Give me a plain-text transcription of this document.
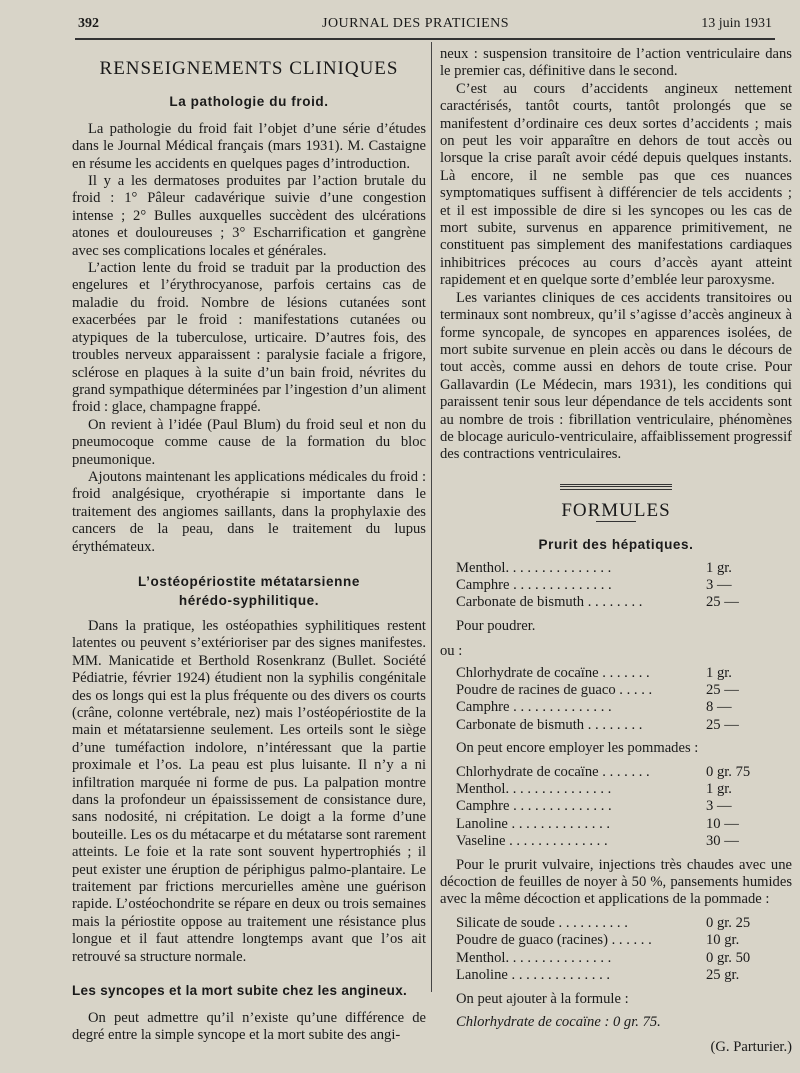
392	JOURNAL DES PRATICIENS	13 juin 1931
RENSEIGNEMENTS CLINIQUES
La pathologie du froid.

La pathologie du froid fait l’objet d’une série d’études dans le Journal Médical français (mars 1931). M. Castaigne en résume les accidents en quelques pages d’introduction.

Il y a les dermatoses produites par l’action brutale du froid : 1° Pâleur cadavérique suivie d’une congestion intense ; 2° Bulles auxquelles succèdent des ulcérations atones et douloureuses ; 3° Escharrification et gangrène avec ses complications locales et générales.

L’action lente du froid se traduit par la production des engelures et l’érythrocyanose, parfois certains cas de maladie du froid. Nombre de lésions cutanées sont exacerbées par le froid : manifestations cutanées ou atypiques de la tuberculose, urticaire. D’autres fois, des troubles nerveux apparaissent : paralysie faciale a frigore, sclérose en plaques à la suite d’un bain froid, névrites du grand sympathique déterminées par l’ingestion d’un aliment froid : glace, champagne frappé.

On revient à l’idée (Paul Blum) du froid seul et non du pneumocoque comme cause de la formation du bloc pneumonique.

Ajoutons maintenant les applications médicales du froid : froid analgésique, cryothérapie si importante dans le traitement des angiomes saillants, dans la prophylaxie des cancers de la peau, dans le traitement du lupus érythémateux.

L’ostéopériostite métatarsienne
hérédo-syphilitique.

Dans la pratique, les ostéopathies syphilitiques restent latentes ou peuvent s’extérioriser par des signes manifestes. MM. Manicatide et Berthold Rosenkranz (Bullet. Société Pédiatrie, février 1924) étudient non la syphilis congénitale des os longs qui est la plus fréquente ou des divers os courts (crâne, colonne vertébrale, nez) mais l’ostéopériostite de la main et métatarsienne seulement. Les orteils sont le siège d’une tuméfaction indolore, n’intéressant que la partie proximale et l’os. La peau est plus luisante. Il n’y a ni infiltration marquée ni forme de pus. La palpation montre dans la profondeur un épaississement de consistance dure, sans nodosité, ni crépitation. Le doigt a la forme d’une bouteille. Les os du métacarpe et du métatarse sont rarement atteints. Le foie et la rate sont souvent hypertrophiés ; il peut exister une éruption de périphigus palmo-plantaire. Le traitement par frictions mercurielles amène une guérison rapide. L’ostéochondrite se répare en deux ou trois semaines mais la périostite oppose au traitement une résistance plus longue et il faut attendre longtemps avant que l’os ait retrouvé sa structure normale.

Les syncopes et la mort subite chez les angineux.

On peut admettre qu’il n’existe qu’une différence de degré entre la simple syncope et la mort subite des angi-

neux : suspension transitoire de l’action ventriculaire dans le premier cas, définitive dans le second.

C’est au cours d’accidents angineux nettement caractérisés, tantôt courts, tantôt prolongés que se manifestent d’ordinaire ces deux sortes d’accidents ; mais on peut les voir apparaître en dehors de tout accès ou lorsque la crise paraît avoir cédé depuis quelques instants. Là encore, il ne semble pas que ces nuances symptomatiques suffisent à différencier de tels accidents ; et il est impossible de dire si les syncopes ou les cas de mort subite, survenus en apparence primitivement, ne constituent pas simplement des manifestations cardiaques inhibitrices précoces au cours d’accès ayant atteint rapidement et en quelque sorte d’emblée leur paroxysme.

Les variantes cliniques de ces accidents transitoires ou terminaux sont nombreux, qu’il s’agisse d’accès angineux à forme syncopale, de syncopes en apparences isolées, de mort subite survenue en plein accès ou dans le décours de tout accès, comme aussi en dehors de toute crise. Pour Gallavardin (Le Médecin, mars 1931), les conditions qui paraissent tenir sous leur dépendance de tels accidents sont au nombre de trois : fibrillation ventriculaire, phénomènes de blocage auriculo-ventriculaire, affaiblissement progressif des contractions ventriculaires.

FORMULES
Prurit des hépatiques.
Menthol. . . . . . . . . . . . . . .	1 gr.
Camphre . . . . . . . . . . . . . .	3 —
Carbonate de bismuth . . . . . . . .	25 —

Pour poudrer.

ou :

Chlorhydrate de cocaïne . . . . . . .	1 gr.
Poudre de racines de guaco . . . . .	25 —
Camphre . . . . . . . . . . . . . .	8 —
Carbonate de bismuth . . . . . . . .	25 —

On peut encore employer les pommades :

Chlorhydrate de cocaïne . . . . . . .	0 gr. 75
Menthol. . . . . . . . . . . . . . .	1 gr.
Camphre . . . . . . . . . . . . . .	3 —
Lanoline . . . . . . . . . . . . . .	10 —
Vaseline . . . . . . . . . . . . . .	30 —

Pour le prurit vulvaire, injections très chaudes avec une décoction de feuilles de noyer à 50 %, pansements humides avec la même décoction et applications de la pommade :

Silicate de soude . . . . . . . . . .	0 gr. 25
Poudre de guaco (racines) . . . . . .	10 gr.
Menthol. . . . . . . . . . . . . . .	0 gr. 50
Lanoline . . . . . . . . . . . . . .	25 gr.

On peut ajouter à la formule :

Chlorhydrate de cocaïne : 0 gr. 75.

(G. Parturier.)
